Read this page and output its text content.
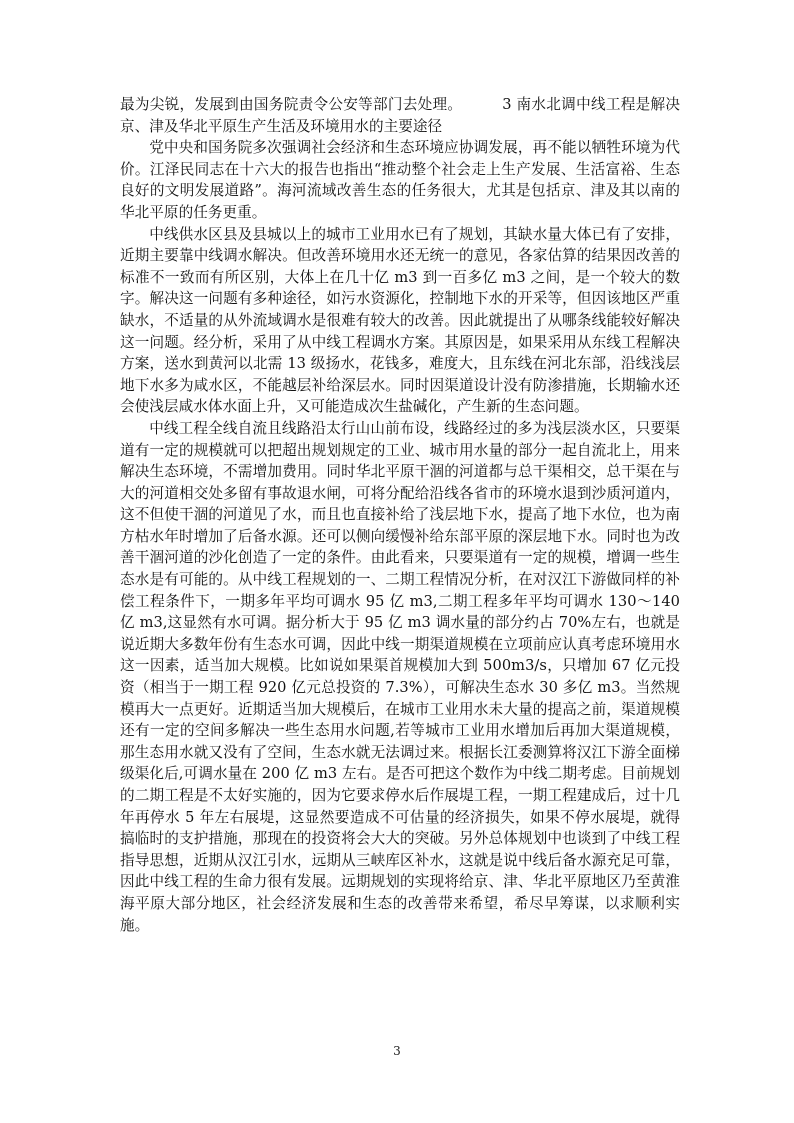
最为尖锐，发展到由国务院责令公安等部门去处理。	3 南水北调中线工程是解决京、津及华北平原生产生活及环境用水的主要途径

党中央和国务院多次强调社会经济和生态环境应协调发展，再不能以牺牲环境为代价。江泽民同志在十六大的报告也指出“推动整个社会走上生产发展、生活富裕、生态良好的文明发展道路”。海河流域改善生态的任务很大，尤其是包括京、津及其以南的华北平原的任务更重。

中线供水区县及县城以上的城市工业用水已有了规划，其缺水量大体已有了安排，近期主要靠中线调水解决。但改善环境用水还无统一的意见，各家估算的结果因改善的标准不一致而有所区别，大体上在几十亿 m3 到一百多亿 m3 之间，是一个较大的数字。解决这一问题有多种途径，如污水资源化，控制地下水的开采等，但因该地区严重缺水，不适量的从外流域调水是很难有较大的改善。因此就提出了从哪条线能较好解决这一问题。经分析，采用了从中线工程调水方案。其原因是，如果采用从东线工程解决方案，送水到黄河以北需 13 级扬水，花钱多，难度大，且东线在河北东部，沿线浅层地下水多为咸水区，不能越层补给深层水。同时因渠道设计没有防渗措施，长期输水还会使浅层咸水体水面上升，又可能造成次生盐碱化，产生新的生态问题。

中线工程全线自流且线路沿太行山山前布设，线路经过的多为浅层淡水区，只要渠道有一定的规模就可以把超出规划规定的工业、城市用水量的部分一起自流北上，用来解决生态环境，不需增加费用。同时华北平原干涸的河道都与总干渠相交，总干渠在与大的河道相交处多留有事故退水闸，可将分配给沿线各省市的环境水退到沙质河道内，这不但使干涸的河道见了水，而且也直接补给了浅层地下水，提高了地下水位，也为南方枯水年时增加了后备水源。还可以侧向缓慢补给东部平原的深层地下水。同时也为改善干涸河道的沙化创造了一定的条件。由此看来，只要渠道有一定的规模，增调一些生态水是有可能的。从中线工程规划的一、二期工程情况分析，在对汉江下游做同样的补偿工程条件下，一期多年平均可调水 95 亿 m3,二期工程多年平均可调水 130～140 亿 m3,这显然有水可调。据分析大于 95 亿 m3 调水量的部分约占 70%左右，也就是说近期大多数年份有生态水可调，因此中线一期渠道规模在立项前应认真考虑环境用水这一因素，适当加大规模。比如说如果渠首规模加大到 500m3/s，只增加 67 亿元投资（相当于一期工程 920 亿元总投资的 7.3%），可解决生态水 30 多亿 m3。当然规模再大一点更好。近期适当加大规模后，在城市工业用水未大量的提高之前，渠道规模还有一定的空间多解决一些生态用水问题,若等城市工业用水增加后再加大渠道规模，那生态用水就又没有了空间，生态水就无法调过来。根据长江委测算将汉江下游全面梯级渠化后,可调水量在 200 亿 m3 左右。是否可把这个数作为中线二期考虑。目前规划的二期工程是不太好实施的，因为它要求停水后作展堤工程，一期工程建成后，过十几年再停水 5 年左右展堤，这显然要造成不可估量的经济损失，如果不停水展堤，就得搞临时的支护措施，那现在的投资将会大大的突破。另外总体规划中也谈到了中线工程指导思想，近期从汉江引水，远期从三峡库区补水，这就是说中线后备水源充足可靠，因此中线工程的生命力很有发展。远期规划的实现将给京、津、华北平原地区乃至黄淮海平原大部分地区，社会经济发展和生态的改善带来希望，希尽早筹谋，以求顺利实施。

3
